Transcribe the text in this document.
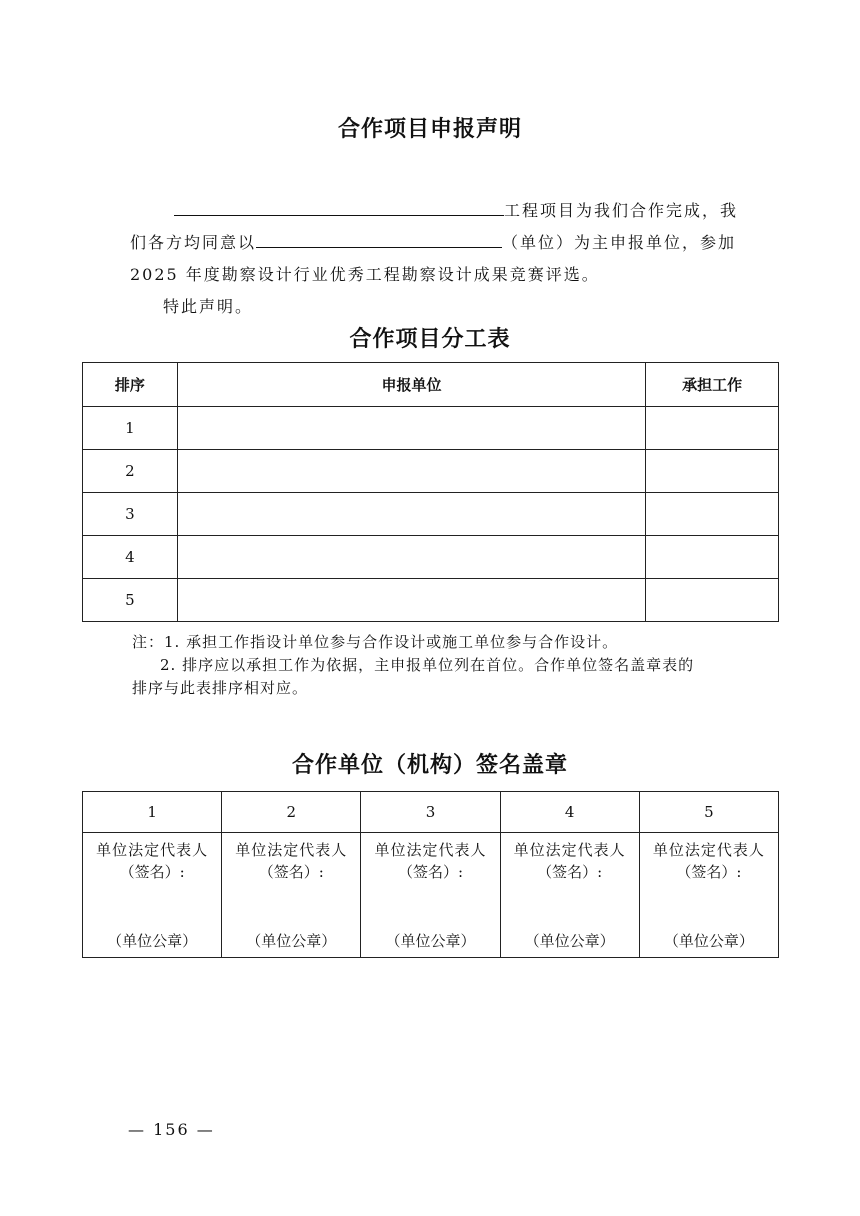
合作项目申报声明
工程项目为我们合作完成，我
们各方均同意以	（单位）为主申报单位，参加
2025 年度勘察设计行业优秀工程勘察设计成果竞赛评选。
特此声明。
合作项目分工表
排序	申报单位	承担工作
1		
2		
3		
4		
5		
注：1. 承担工作指设计单位参与合作设计或施工单位参与合作设计。
2. 排序应以承担工作为依据，主申报单位列在首位。合作单位签名盖章表的
排序与此表排序相对应。
合作单位（机构）签名盖章
1	2	3	4	5

单位法定代表人
（签名）:
（单位公章）	单位法定代表人
（签名）:
（单位公章）	单位法定代表人
（签名）:
（单位公章）	单位法定代表人
（签名）:
（单位公章）	单位法定代表人
（签名）:
（单位公章）
— 156 —
